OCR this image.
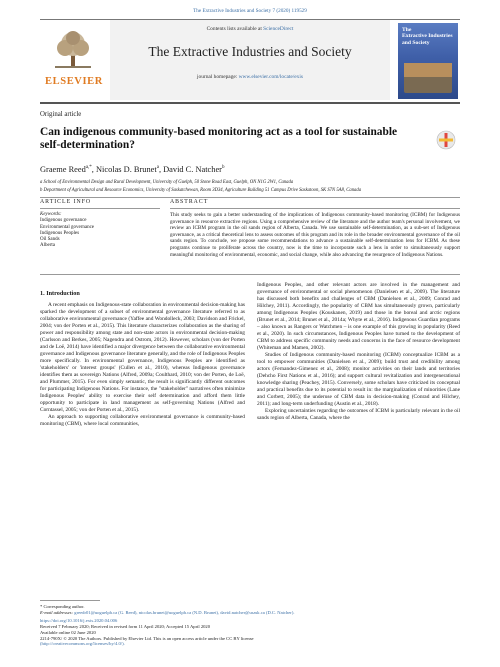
The Extractive Industries and Society 7 (2020) 119529
ELSEVIER
Contents lists available at ScienceDirect
The Extractive Industries and Society
journal homepage: www.elsevier.com/locate/exis
The
Extractive Industries
and Society
Original article
Can indigenous community-based monitoring act as a tool for sustainable self-determination?
Graeme Reed$^{a,*}$, Nicolas D. Brunet$^a$, David C. Natcher$^b$
a School of Environmental Design and Rural Development, University of Guelph, 50 Stone Road East, Guelph, ON N1G 2W1, Canada
b Department of Agricultural and Resource Economics, University of Saskatchewan, Room 3D34, Agriculture Building 51 Campus Drive Saskatoon, SK S7N 5A8, Canada
ARTICLE INFO	ABSTRACT
Keywords:
Indigenous governance
Environmental governance
Indigenous Peoples
Oil Sands
Alberta
This study seeks to gain a better understanding of the implications of Indigenous community-based monitoring (ICBM) for Indigenous governance in resource extractive regions. Using a comprehensive review of the literature and the author team's personal involvement, we review an ICBM program in the oil sands region of Alberta, Canada. We use sustainable self-determination, as a sub-set of Indigenous governance, as a critical theoretical lens to assess outcomes of this program and its role in the broader environmental governance of the oil sands region. To conclude, we propose some recommendations to advance a sustainable self-determination lens for ICBM. As these programs continue to proliferate across the country, now is the time to incorporate such a lens in order to simultaneously support meaningful monitoring of environmental, economic, and social change, while also advancing the resurgence of Indigenous Nations.
1. Introduction

A recent emphasis on Indigenous-state collaboration in environmental decision-making has sparked the development of a subset of environmental governance literature referred to as collaborative environmental governance (Yaffee and Wondolleck, 2003; Davidson and Frickel, 2004; von der Porten et al., 2015). This literature characterizes collaboration as the sharing of power and responsibility among state and non-state actors in environmental decision-making (Carlsson and Berkes, 2005; Nagendra and Ostrom, 2012). However, scholars (von der Porten and de Loë, 2014) have identified a major divergence between the collaborative environmental governance and Indigenous governance literature generally, and the role of Indigenous Peoples more specifically. In environmental governance, Indigenous Peoples are identified as 'stakeholders' or 'interest groups' (Cullen et al., 2010), whereas Indigenous governance identifies them as sovereign Nations (Alfred, 2009a; Coulthard, 2010; von der Porten, de Loë, and Plummer, 2015). For even simply semantic, the result is significantly different outcomes for participating Indigenous Nations. For instance, the "stakeholder" narratives often minimize Indigenous Peoples' ability to exercise their self determination and afford them little opportunity to participate in land management as self-governing Nations (Alfred and Corntassel, 2005; von der Porten et al., 2015).

An approach to supporting collaborative environmental governance is community-based monitoring (CBM), where local communities,

Indigenous Peoples, and other relevant actors are involved in the management and governance of environmental or social phenomenon (Danielsen et al., 2009). The literature has discussed both benefits and challenges of CBM (Danielsen et al., 2009; Conrad and Hilchey, 2011). Accordingly, the popularity of CBM has simultaneously grown, particularly among Indigenous Peoples (Kouskanen, 2019) and those in the boreal and arctic regions (Brunet et al., 2014; Brunet et al., 2014a; Whyte et al., 2016). Indigenous Guardian programs – also known as Rangers or Watchmen – is one example of this growing in popularity (Reed et al., 2020). In such circumstances, Indigenous Peoples have turned to the development of CBM to address specific community needs and concerns in the face of resource development (Whiteman and Mamen, 2002).

Studies of Indigenous community-based monitoring (ICBM) conceptualize ICBM as a tool to empower communities (Danielsen et al., 2009); build trust and credibility among actors (Fernandez-Gimenez et al., 2008); monitor activities on their lands and territories (Dehcho First Nations et al., 2016); and support cultural revitalization and intergenerational knowledge sharing (Peachey, 2015). Conversely, some scholars have criticized its conceptual and practical benefits due to its potential to result in: the marginalization of minorities (Lane and Corbett, 2005); the underuse of CBM data in decision-making (Conrad and Hilchey, 2011); and long-term underfunding (Austin et al., 2018).

Exploring uncertainties regarding the outcomes of ICBM is particularly relevant in the oil sands region of Alberta, Canada, where the

* Corresponding author.
E-mail addresses: greedr01@uoguelph.ca (G. Reed), nicolas.brunet@uoguelph.ca (N.D. Brunet), david.natcher@usask.ca (D.C. Natcher).
https://doi.org/10.1016/j.exis.2020.04.006
Received 7 February 2020; Received in revised form 11 April 2020; Accepted 15 April 2020
Available online 02 June 2020
2214-790X/ © 2020 The Authors. Published by Elsevier Ltd. This is an open access article under the CC BY license
(http://creativecommons.org/licenses/by/4.0/).
